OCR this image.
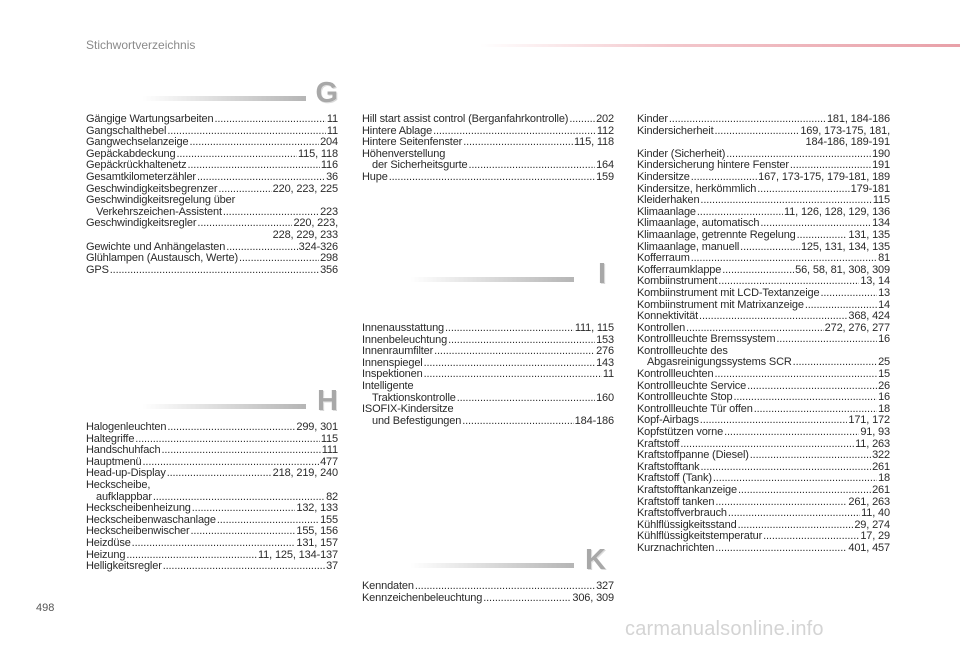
Stichwortverzeichnis
G
H
I
K
Gängige Wartungsarbeiten .....	11
Gangschalthebel .....	11
Gangwechselanzeige .....	204
Gepäckabdeckung .....	115, 118
Gepäckrückhaltenetz .....	116
Gesamtkilometerzähler .....	36
Geschwindigkeitsbegrenzer .....	220, 223, 225
Geschwindigkeitsregelung über
Verkehrszeichen-Assistent .....	223
Geschwindigkeitsregler .....	220, 223,
228, 229, 233
Gewichte und Anhängelasten .....	324-326
Glühlampen (Austausch, Werte) .....	298
GPS .....	356
Halogenleuchten .....	299, 301
Haltegriffe .....	115
Handschuhfach .....	111
Hauptmenü .....	477
Head-up-Display .....	218, 219, 240
Heckscheibe,
aufklappbar .....	82
Heckscheibenheizung .....	132, 133
Heckscheibenwaschanlage .....	155
Heckscheibenwischer .....	155, 156
Heizdüse .....	131, 157
Heizung .....	11, 125, 134-137
Helligkeitsregler .....	37
Hill start assist control (Berganfahrkontrolle) .....	202
Hintere Ablage .....	112
Hintere Seitenfenster .....	115, 118
Höhenverstellung
der Sicherheitsgurte .....	164
Hupe .....	159
Innenausstattung .....	111, 115
Innenbeleuchtung .....	153
Innenraumfilter .....	276
Innenspiegel .....	143
Inspektionen .....	11
Intelligente
Traktionskontrolle .....	160
ISOFIX-Kindersitze
und Befestigungen .....	184-186
Kenndaten .....	327
Kennzeichenbeleuchtung .....	306, 309
Kinder .....	181, 184-186
Kindersicherheit .....	169, 173-175, 181,
184-186, 189-191
Kinder (Sicherheit) .....	190
Kindersicherung hintere Fenster .....	191
Kindersitze .....	167, 173-175, 179-181, 189
Kindersitze, herkömmlich .....	179-181
Kleiderhaken .....	115
Klimaanlage .....	11, 126, 128, 129, 136
Klimaanlage, automatisch .....	134
Klimaanlage, getrennte Regelung .....	131, 135
Klimaanlage, manuell .....	125, 131, 134, 135
Kofferraum .....	81
Kofferraumklappe .....	56, 58, 81, 308, 309
Kombiinstrument .....	13, 14
Kombiinstrument mit LCD-Textanzeige .....	13
Kombiinstrument mit Matrixanzeige .....	14
Konnektivität .....	368, 424
Kontrollen .....	272, 276, 277
Kontrollleuchte Bremssystem .....	16
Kontrollleuchte des
Abgasreinigungssystems SCR .....	25
Kontrollleuchten .....	15
Kontrollleuchte Service .....	26
Kontrollleuchte Stop .....	16
Kontrollleuchte Tür offen .....	18
Kopf-Airbags .....	171, 172
Kopfstützen vorne .....	91, 93
Kraftstoff .....	11, 263
Kraftstoffpanne (Diesel) .....	322
Kraftstofftank .....	261
Kraftstoff (Tank) .....	18
Kraftstofftankanzeige .....	261
Kraftstoff tanken .....	261, 263
Kraftstoffverbrauch .....	11, 40
Kühlflüssigkeitsstand .....	29, 274
Kühlflüssigkeitstemperatur .....	17, 29
Kurznachrichten .....	401, 457
498
carmanualsonline.info
